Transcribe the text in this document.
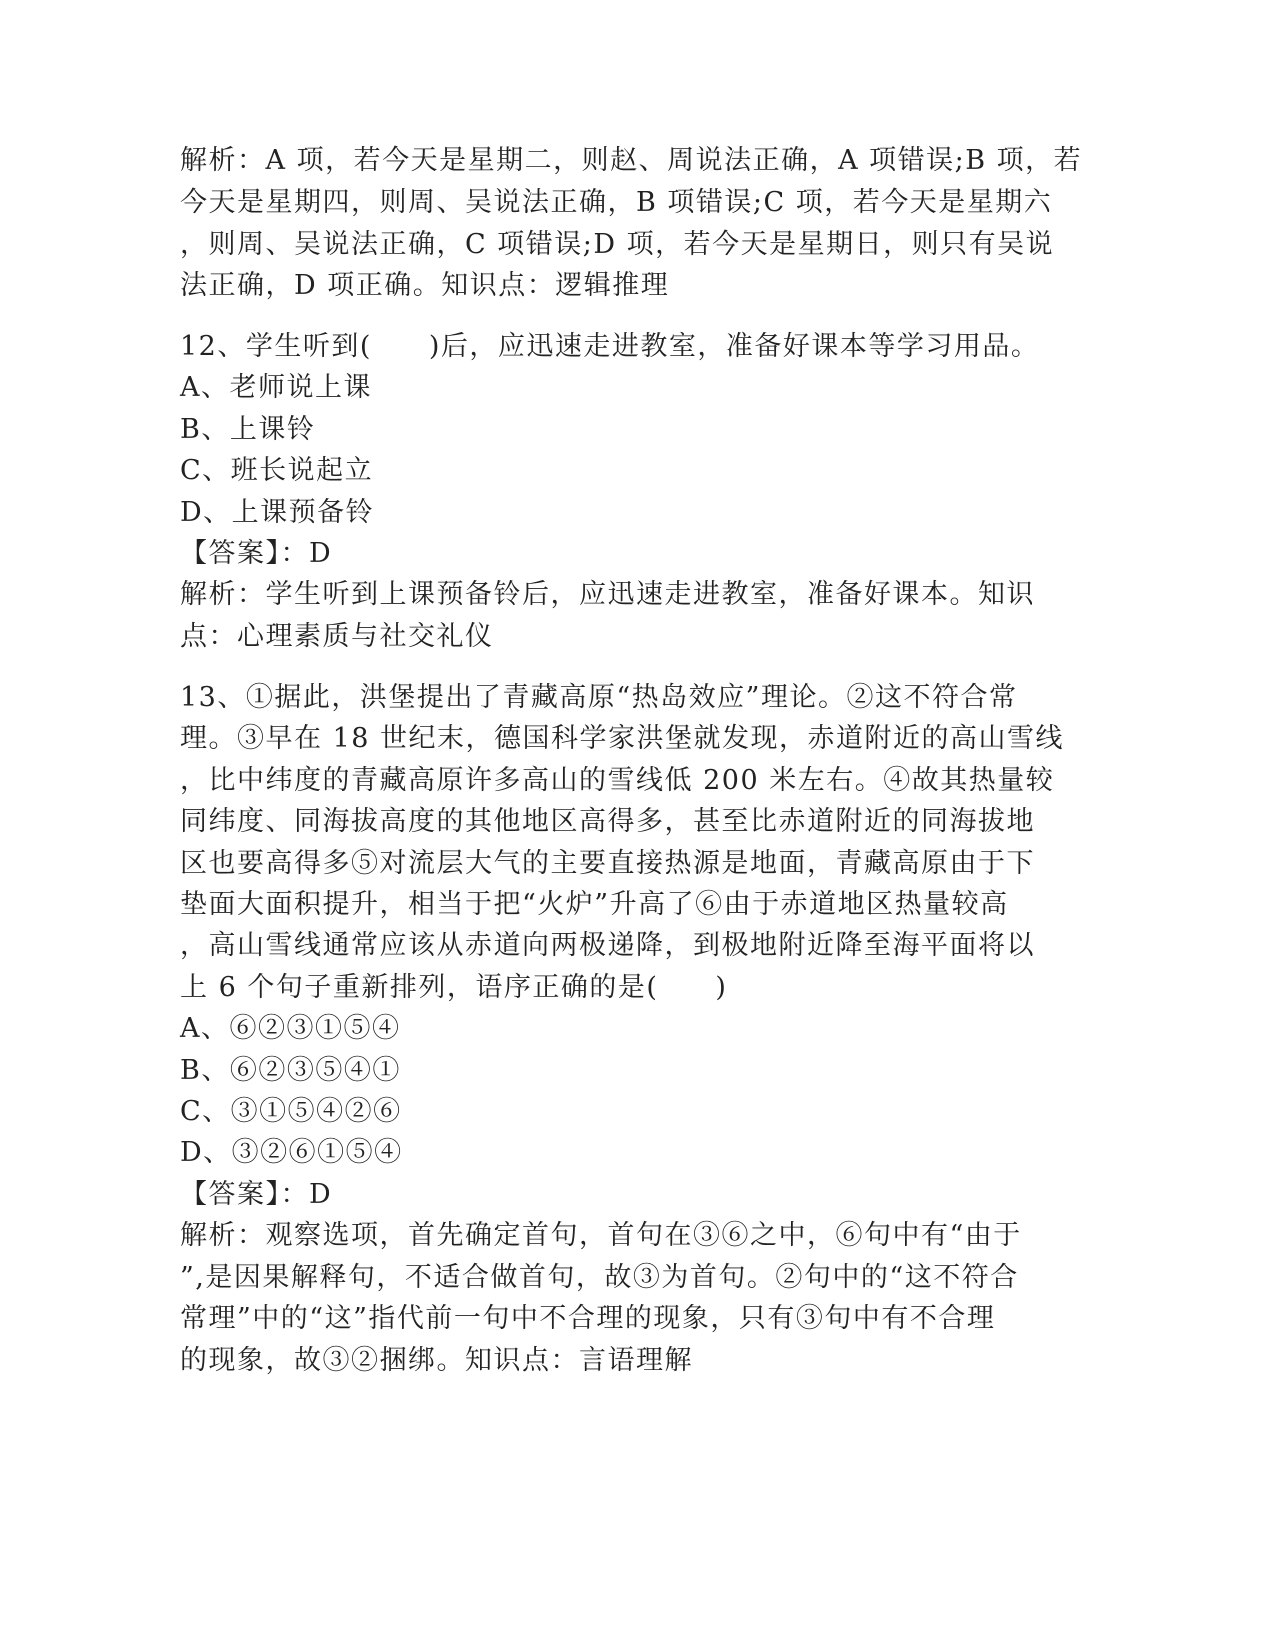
解析：A 项，若今天是星期二，则赵、周说法正确，A 项错误;B 项，若
今天是星期四，则周、吴说法正确，B 项错误;C 项，若今天是星期六
，则周、吴说法正确，C 项错误;D 项，若今天是星期日，则只有吴说
法正确，D 项正确。知识点：逻辑推理
12、学生听到(　　)后，应迅速走进教室，准备好课本等学习用品。
A、老师说上课
B、上课铃
C、班长说起立
D、上课预备铃
【答案】：D
解析：学生听到上课预备铃后，应迅速走进教室，准备好课本。知识
点：心理素质与社交礼仪
13、①据此，洪堡提出了青藏高原“热岛效应”理论。②这不符合常
理。③早在 18 世纪末，德国科学家洪堡就发现，赤道附近的高山雪线
，比中纬度的青藏高原许多高山的雪线低 200 米左右。④故其热量较
同纬度、同海拔高度的其他地区高得多，甚至比赤道附近的同海拔地
区也要高得多⑤对流层大气的主要直接热源是地面，青藏高原由于下
垫面大面积提升，相当于把“火炉”升高了⑥由于赤道地区热量较高
，高山雪线通常应该从赤道向两极递降，到极地附近降至海平面将以
上 6 个句子重新排列，语序正确的是(　　)
A、⑥②③①⑤④
B、⑥②③⑤④①
C、③①⑤④②⑥
D、③②⑥①⑤④
【答案】：D
解析：观察选项，首先确定首句，首句在③⑥之中，⑥句中有“由于
”,是因果解释句，不适合做首句，故③为首句。②句中的“这不符合
常理”中的“这”指代前一句中不合理的现象，只有③句中有不合理
的现象，故③②捆绑。知识点：言语理解
